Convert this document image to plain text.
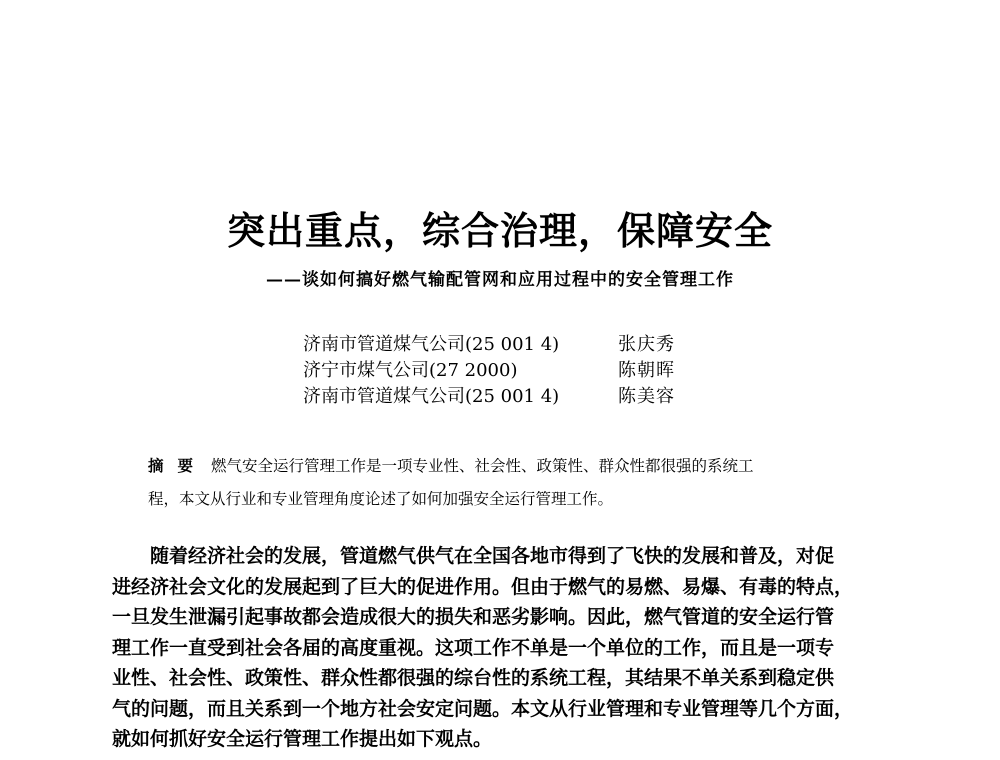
突出重点，综合治理，保障安全
——谈如何搞好燃气输配管网和应用过程中的安全管理工作
济南市管道煤气公司(25 001 4)	张庆秀
济宁市煤气公司(27 2000)	陈朝晖
济南市管道煤气公司(25 001 4)	陈美容
摘要 燃气安全运行管理工作是一项专业性、社会性、政策性、群众性都很强的系统工
程，本文从行业和专业管理角度论述了如何加强安全运行管理工作。
随着经济社会的发展，管道燃气供气在全国各地市得到了飞快的发展和普及，对促
进经济社会文化的发展起到了巨大的促进作用。但由于燃气的易燃、易爆、有毒的特点，
一旦发生泄漏引起事故都会造成很大的损失和恶劣影响。因此，燃气管道的安全运行管
理工作一直受到社会各届的高度重视。这项工作不单是一个单位的工作，而且是一项专
业性、社会性、政策性、群众性都很强的综台性的系统工程，其结果不单关系到稳定供
气的问题，而且关系到一个地方社会安定问题。本文从行业管理和专业管理等几个方面，
就如何抓好安全运行管理工作提出如下观点。
